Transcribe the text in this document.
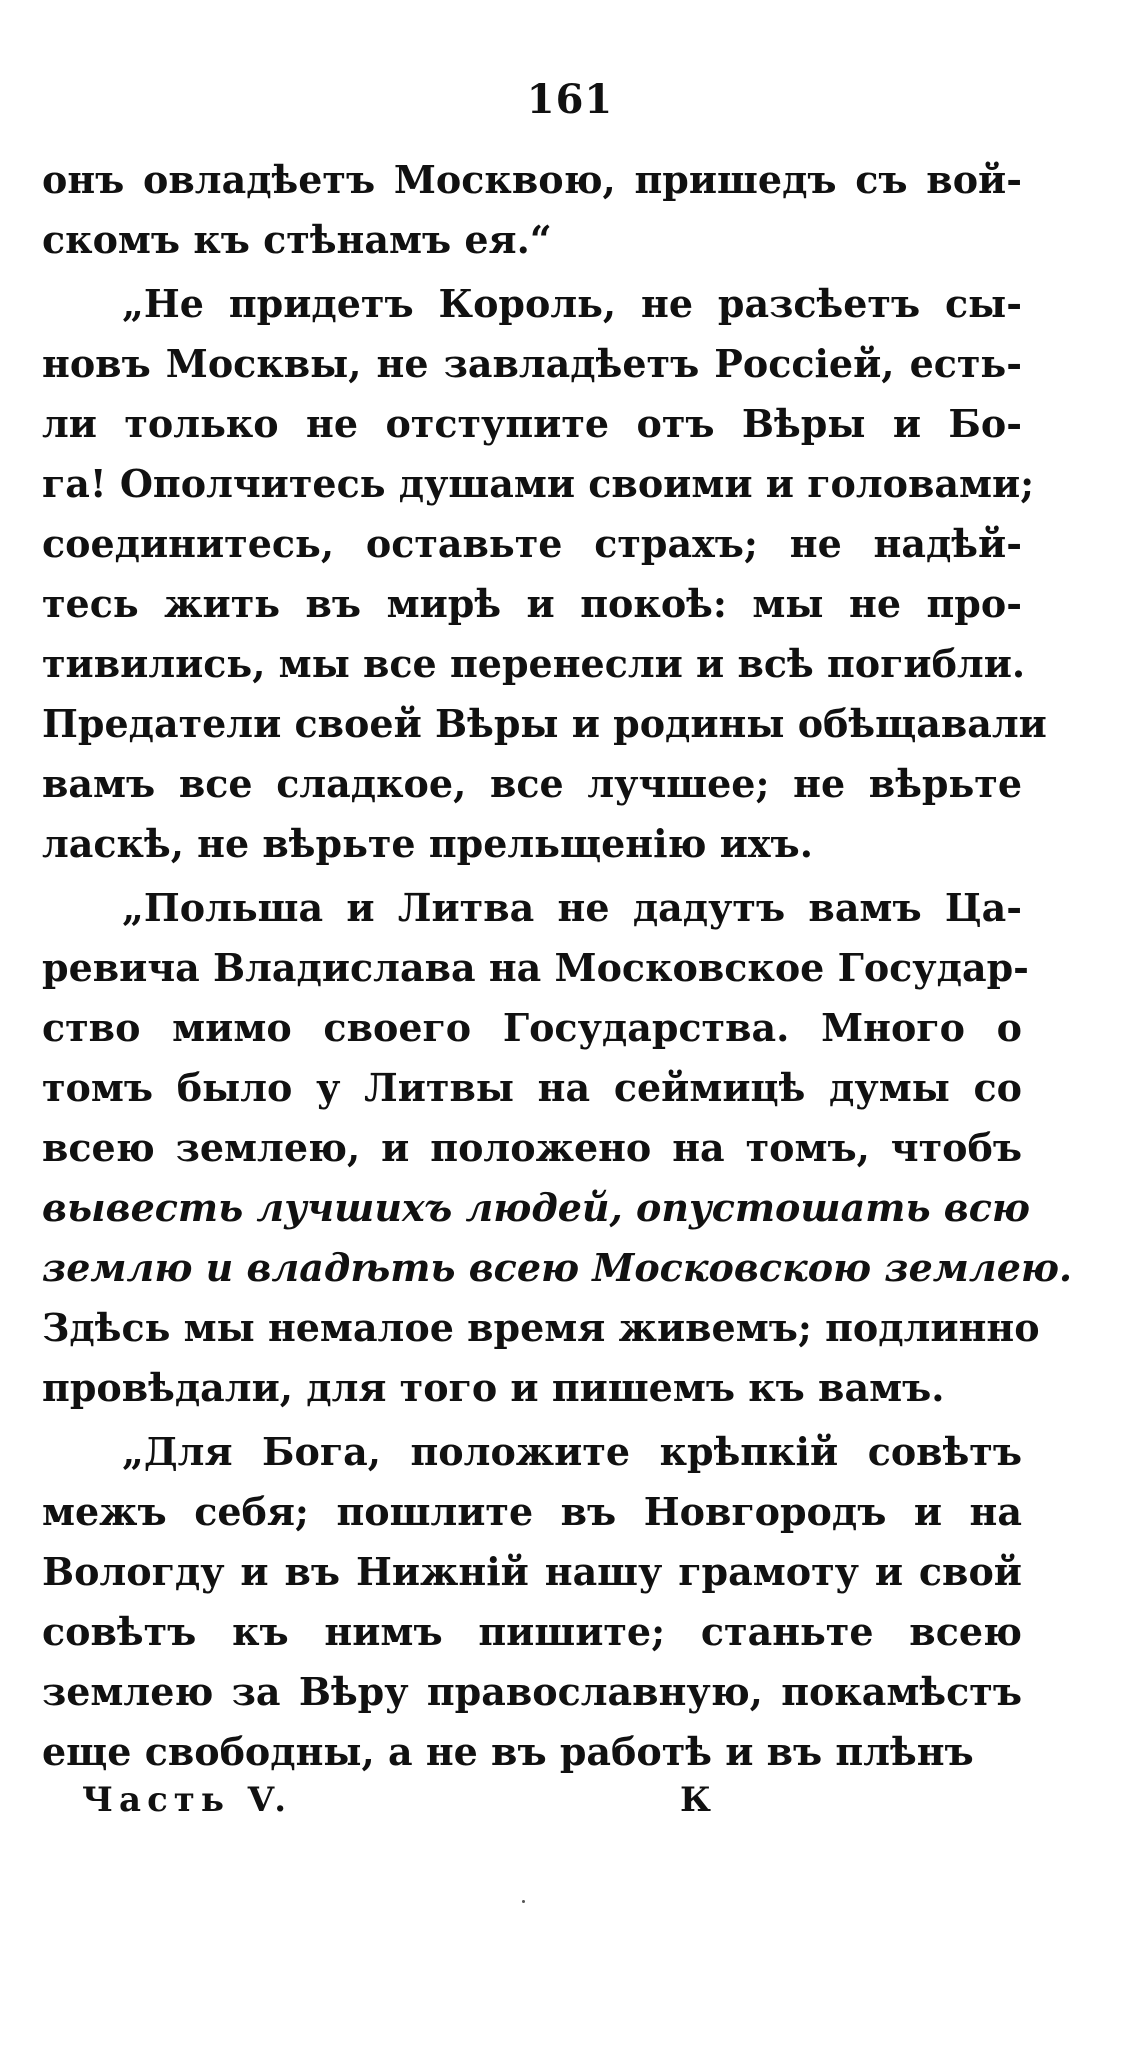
161
онъ овладѣетъ Москвою, пришедъ съ вой-
скомъ къ стѣнамъ ея.“
„Не придетъ Король, не разсѣетъ сы-
новъ Москвы, не завладѣетъ Россiей, есть-
ли только не отступите отъ Вѣры и Бо-
га! Ополчитесь душами своими и головами;
соединитесь, оставьте страхъ; не надѣй-
тесь жить въ мирѣ и покоѣ: мы не про-
тивились, мы все перенесли и всѣ погибли.
Предатели своей Вѣры и родины обѣщавали
вамъ все сладкое, все лучшее; не вѣрьте
ласкѣ, не вѣрьте прельщенiю ихъ.
„Польша и Литва не дадутъ вамъ Ца-
ревича Владислава на Московское Государ-
ство мимо своего Государства. Много о
томъ было у Литвы на сеймицѣ думы со
всею землею, и положено на томъ, чтобъ
вывесть лучшихъ людей, опустошать всю
землю и владѣть всею Московскою землею.
Здѣсь мы немалое время живемъ; подлинно
провѣдали, для того и пишемъ къ вамъ.
„Для Бога, положите крѣпкiй совѣтъ
межъ себя; пошлите въ Новгородъ и на
Вологду и въ Нижнiй нашу грамоту и свой
совѣтъ къ нимъ пишите; станьте всею
землею за Вѣру православную, покамѣстъ
еще свободны, а не въ работѣ и въ плѣнъ
Часть V.	К
